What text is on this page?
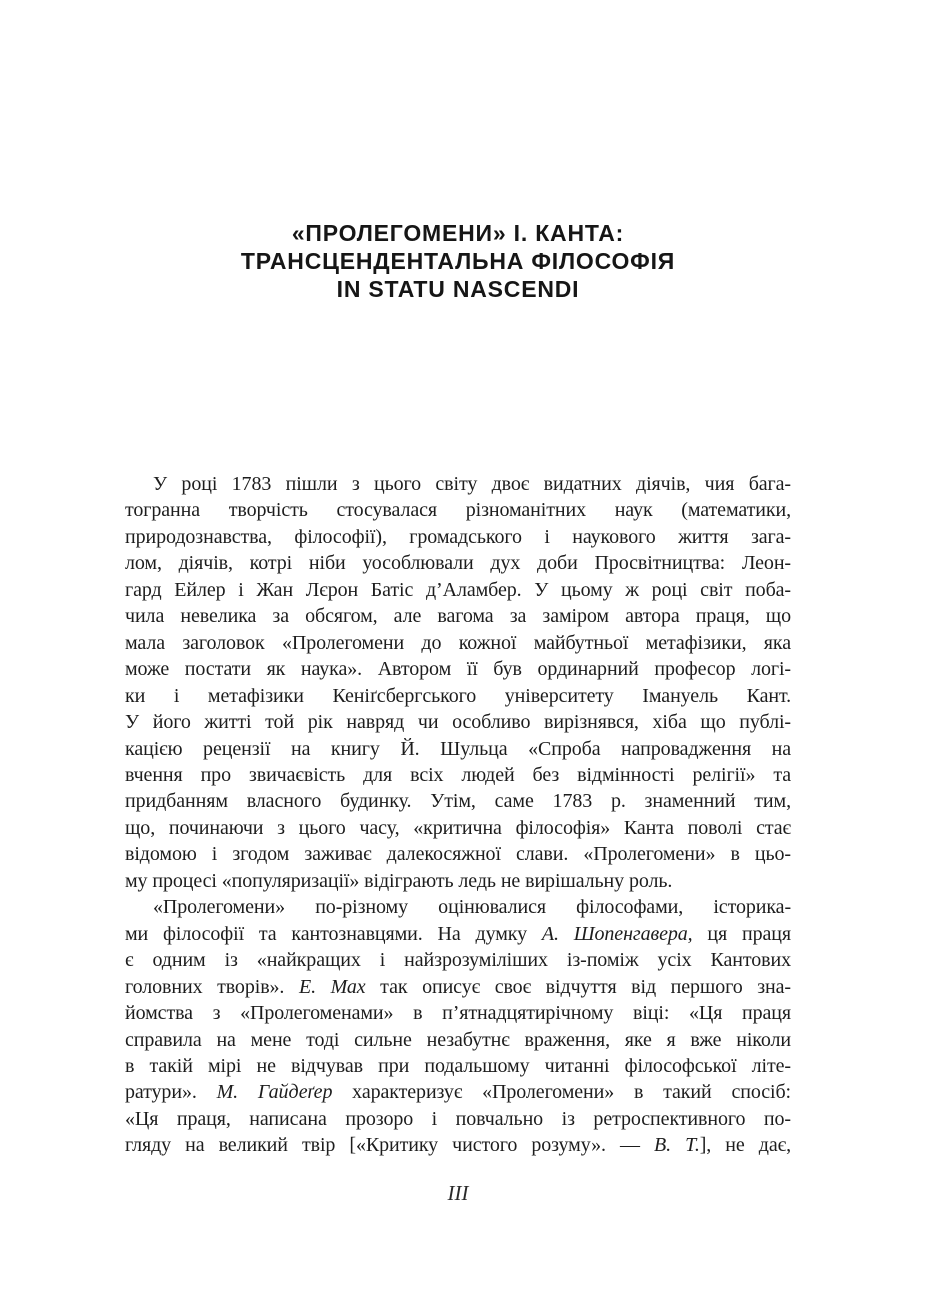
«ПРОЛЕГОМЕНИ» І. КАНТА:
ТРАНСЦЕНДЕНТАЛЬНА ФІЛОСОФІЯ
IN STATU NASCENDI
У році 1783 пішли з цього світу двоє видатних діячів, чия бага-
тогранна творчість стосувалася різноманітних наук (математики,
природознавства, філософії), громадського і наукового життя зага-
лом, діячів, котрі ніби уособлювали дух доби Просвітництва: Леон-
гард Ейлер і Жан Лєрон Батіс д’Аламбер. У цьому ж році світ поба-
чила невелика за обсягом, але вагома за заміром автора праця, що
мала заголовок «Пролегомени до кожної майбутньої метафізики, яка
може постати як наука». Автором її був ординарний професор логі-
ки і метафізики Кеніґсбергського університету Імануель Кант.
У його житті той рік навряд чи особливо вирізнявся, хіба що публі-
кацією рецензії на книгу Й. Шульца «Спроба напровадження на
вчення про звичаєвість для всіх людей без відмінності релігії» та
придбанням власного будинку. Утім, саме 1783 р. знаменний тим,
що, починаючи з цього часу, «критична філософія» Канта поволі стає
відомою і згодом заживає далекосяжної слави. «Пролегомени» в цьо-
му процесі «популяризації» відіграють ледь не вирішальну роль.
«Пролегомени» по-різному оцінювалися філософами, історика-
ми філософії та кантознавцями. На думку А. Шопенгавера, ця праця
є одним із «найкращих і найзрозуміліших із-поміж усіх Кантових
головних творів». Е. Мах так описує своє відчуття від першого зна-
йомства з «Пролегоменами» в п’ятнадцятирічному віці: «Ця праця
справила на мене тоді сильне незабутнє враження, яке я вже ніколи
в такій мірі не відчував при подальшому читанні філософської літе-
ратури». М. Гайдеґер характеризує «Пролегомени» в такий спосіб:
«Ця праця, написана прозоро і повчально із ретроспективного по-
гляду на великий твір [«Критику чистого розуму». — В. Т.], не дає,
III
